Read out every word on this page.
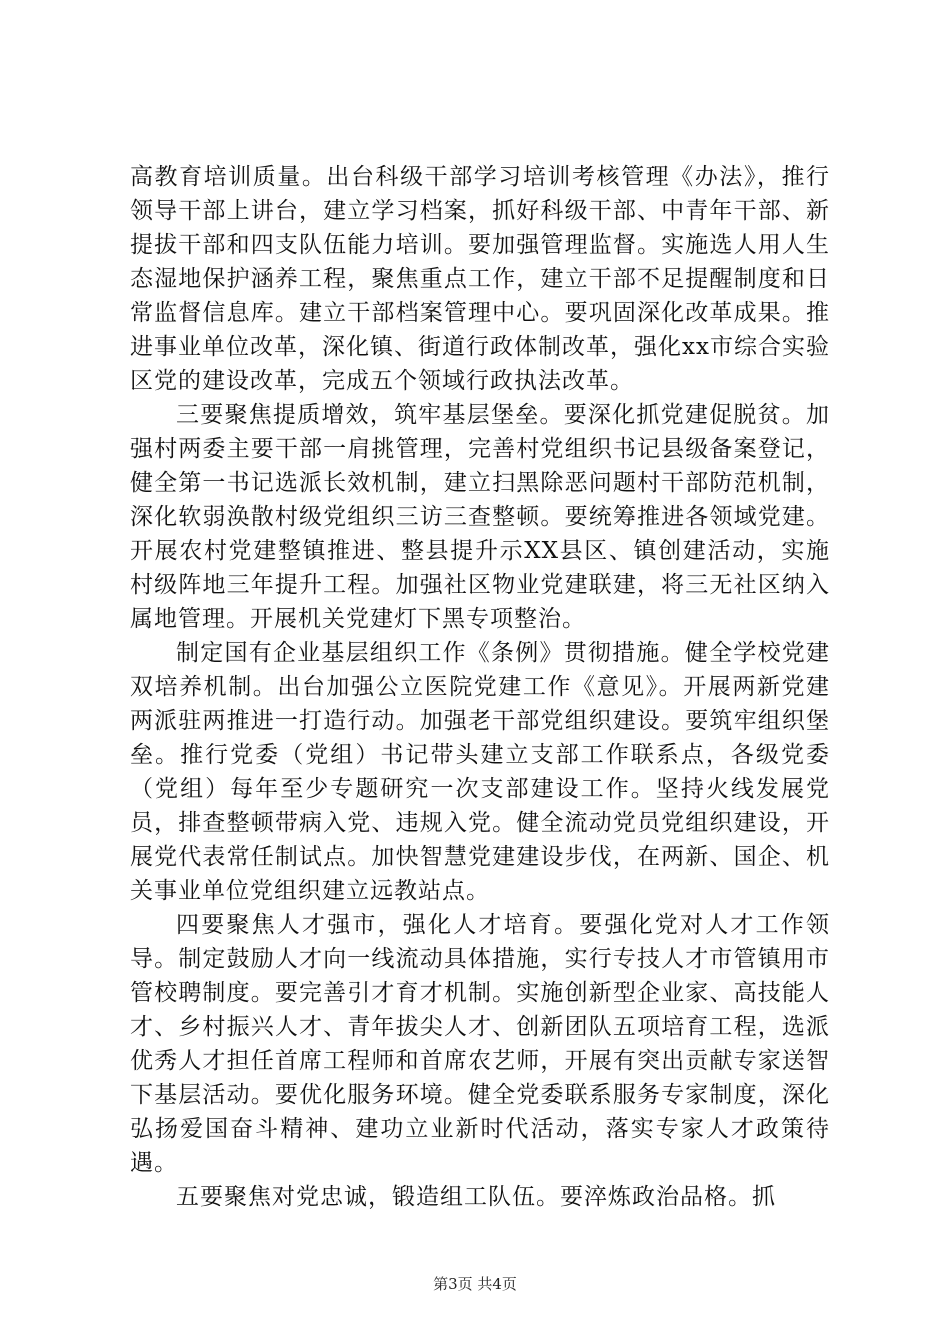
高教育培训质量。出台科级干部学习培训考核管理《办法》，推行领导干部上讲台，建立学习档案，抓好科级干部、中青年干部、新提拔干部和四支队伍能力培训。要加强管理监督。实施选人用人生态湿地保护涵养工程，聚焦重点工作，建立干部不足提醒制度和日常监督信息库。建立干部档案管理中心。要巩固深化改革成果。推进事业单位改革，深化镇、街道行政体制改革，强化xx市综合实验区党的建设改革，完成五个领域行政执法改革。

三要聚焦提质增效，筑牢基层堡垒。要深化抓党建促脱贫。加强村两委主要干部一肩挑管理，完善村党组织书记县级备案登记，健全第一书记选派长效机制，建立扫黑除恶问题村干部防范机制，深化软弱涣散村级党组织三访三查整顿。要统筹推进各领域党建。开展农村党建整镇推进、整县提升示XX县区、镇创建活动，实施村级阵地三年提升工程。加强社区物业党建联建，将三无社区纳入属地管理。开展机关党建灯下黑专项整治。

制定国有企业基层组织工作《条例》贯彻措施。健全学校党建双培养机制。出台加强公立医院党建工作《意见》。开展两新党建两派驻两推进一打造行动。加强老干部党组织建设。要筑牢组织堡垒。推行党委（党组）书记带头建立支部工作联系点，各级党委（党组）每年至少专题研究一次支部建设工作。坚持火线发展党员，排查整顿带病入党、违规入党。健全流动党员党组织建设，开展党代表常任制试点。加快智慧党建建设步伐，在两新、国企、机关事业单位党组织建立远教站点。

四要聚焦人才强市，强化人才培育。要强化党对人才工作领导。制定鼓励人才向一线流动具体措施，实行专技人才市管镇用市管校聘制度。要完善引才育才机制。实施创新型企业家、高技能人才、乡村振兴人才、青年拔尖人才、创新团队五项培育工程，选派优秀人才担任首席工程师和首席农艺师，开展有突出贡献专家送智下基层活动。要优化服务环境。健全党委联系服务专家制度，深化弘扬爱国奋斗精神、建功立业新时代活动，落实专家人才政策待遇。

五要聚焦对党忠诚，锻造组工队伍。要淬炼政治品格。抓

第3页 共4页
